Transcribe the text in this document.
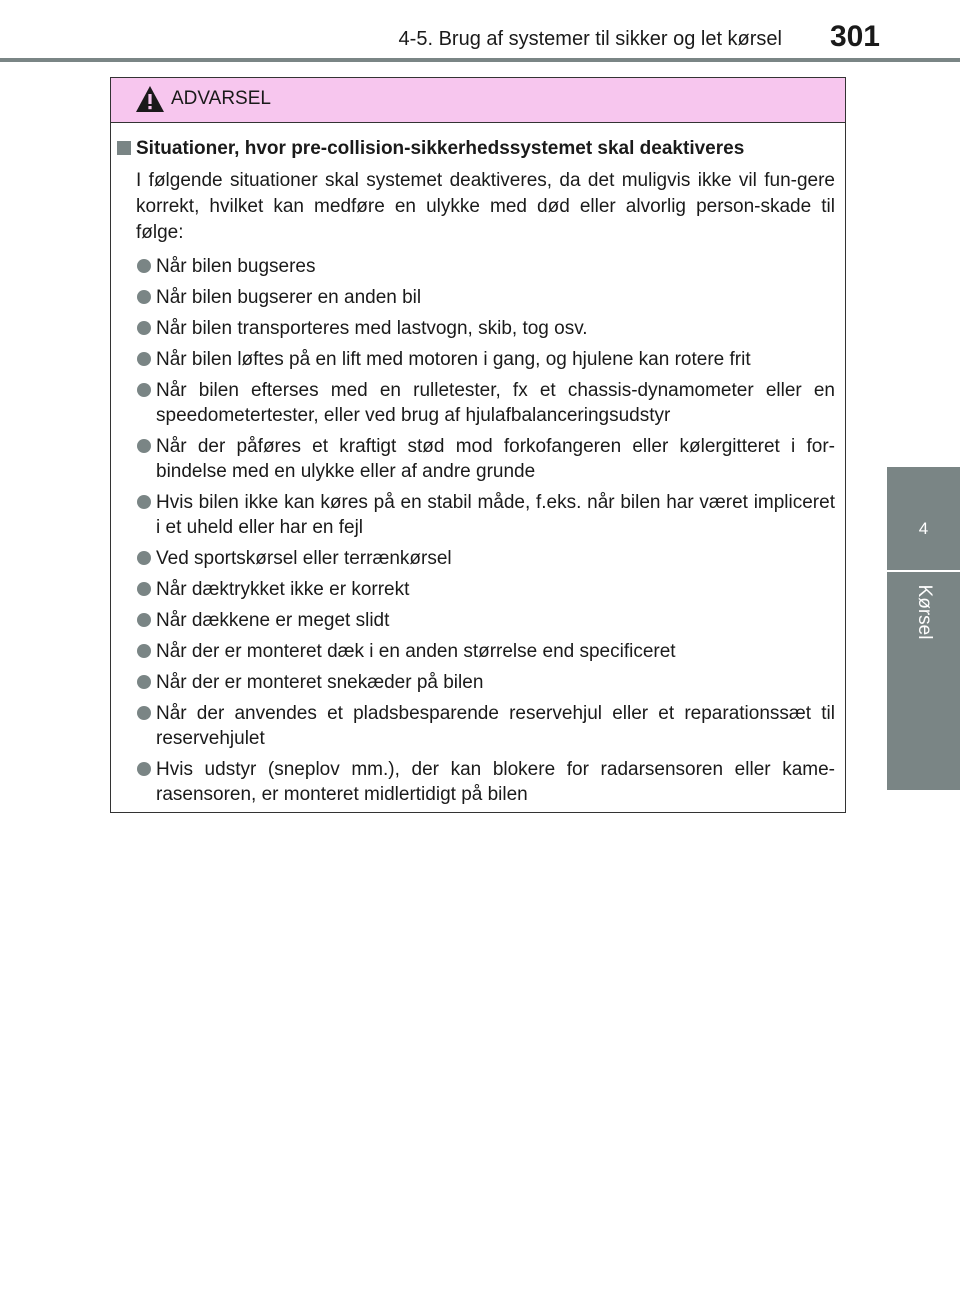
4-5. Brug af systemer til sikker og let kørsel 301
4
Kørsel
ADVARSEL
Situationer, hvor pre-collision-sikkerhedssystemet skal deaktiveres

I følgende situationer skal systemet deaktiveres, da det muligvis ikke vil fun-gere korrekt, hvilket kan medføre en ulykke med død eller alvorlig person-skade til følge:

Når bilen bugseres
Når bilen bugserer en anden bil
Når bilen transporteres med lastvogn, skib, tog osv.
Når bilen løftes på en lift med motoren i gang, og hjulene kan rotere frit
Når bilen efterses med en rulletester, fx et chassis-dynamometer eller en speedometertester, eller ved brug af hjulafbalanceringsudstyr
Når der påføres et kraftigt stød mod forkofangeren eller kølergitteret i for-bindelse med en ulykke eller af andre grunde
Hvis bilen ikke kan køres på en stabil måde, f.eks. når bilen har været impliceret i et uheld eller har en fejl
Ved sportskørsel eller terrænkørsel
Når dæktrykket ikke er korrekt
Når dækkene er meget slidt
Når der er monteret dæk i en anden størrelse end specificeret
Når der er monteret snekæder på bilen
Når der anvendes et pladsbesparende reservehjul eller et reparationssæt til reservehjulet
Hvis udstyr (sneplov mm.), der kan blokere for radarsensoren eller kame-rasensoren, er monteret midlertidigt på bilen
